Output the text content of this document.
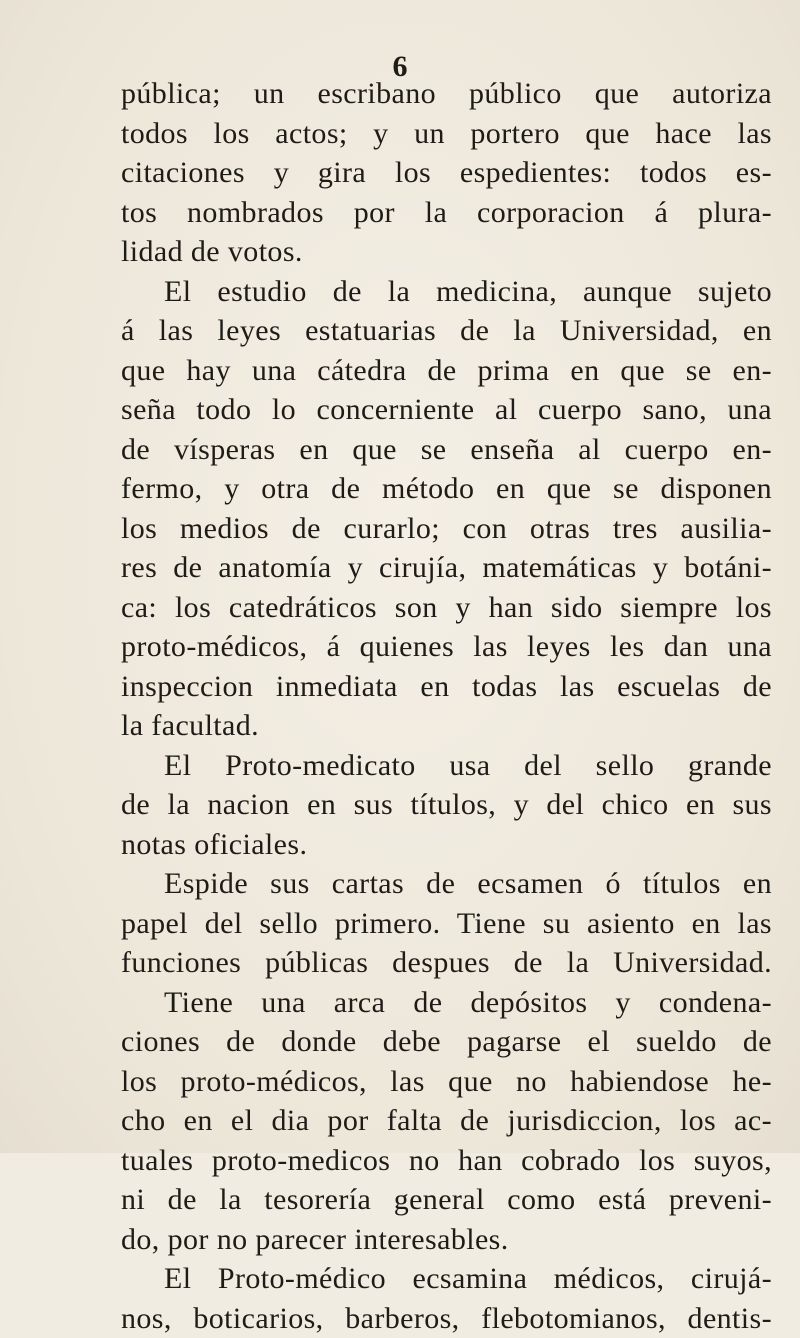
6
pública; un escribano público que autoriza
todos los actos; y un portero que hace las
citaciones y gira los espedientes: todos es-
tos nombrados por la corporacion á plura-
lidad de votos.
El estudio de la medicina, aunque sujeto
á las leyes estatuarias de la Universidad, en
que hay una cátedra de prima en que se en-
seña todo lo concerniente al cuerpo sano, una
de vísperas en que se enseña al cuerpo en-
fermo, y otra de método en que se disponen
los medios de curarlo; con otras tres ausilia-
res de anatomía y cirujía, matemáticas y botáni-
ca: los catedráticos son y han sido siempre los
proto-médicos, á quienes las leyes les dan una
inspeccion inmediata en todas las escuelas de
la facultad.
El Proto-medicato usa del sello grande
de la nacion en sus títulos, y del chico en sus
notas oficiales.
Espide sus cartas de ecsamen ó títulos en
papel del sello primero. Tiene su asiento en las
funciones públicas despues de la Universidad.
Tiene una arca de depósitos y condena-
ciones de donde debe pagarse el sueldo de
los proto-médicos, las que no habiendose he-
cho en el dia por falta de jurisdiccion, los ac-
tuales proto-medicos no han cobrado los suyos,
ni de la tesorería general como está preveni-
do, por no parecer interesables.
El Proto-médico ecsamina médicos, cirujá-
nos, boticarios, barberos, flebotomianos, dentis-
